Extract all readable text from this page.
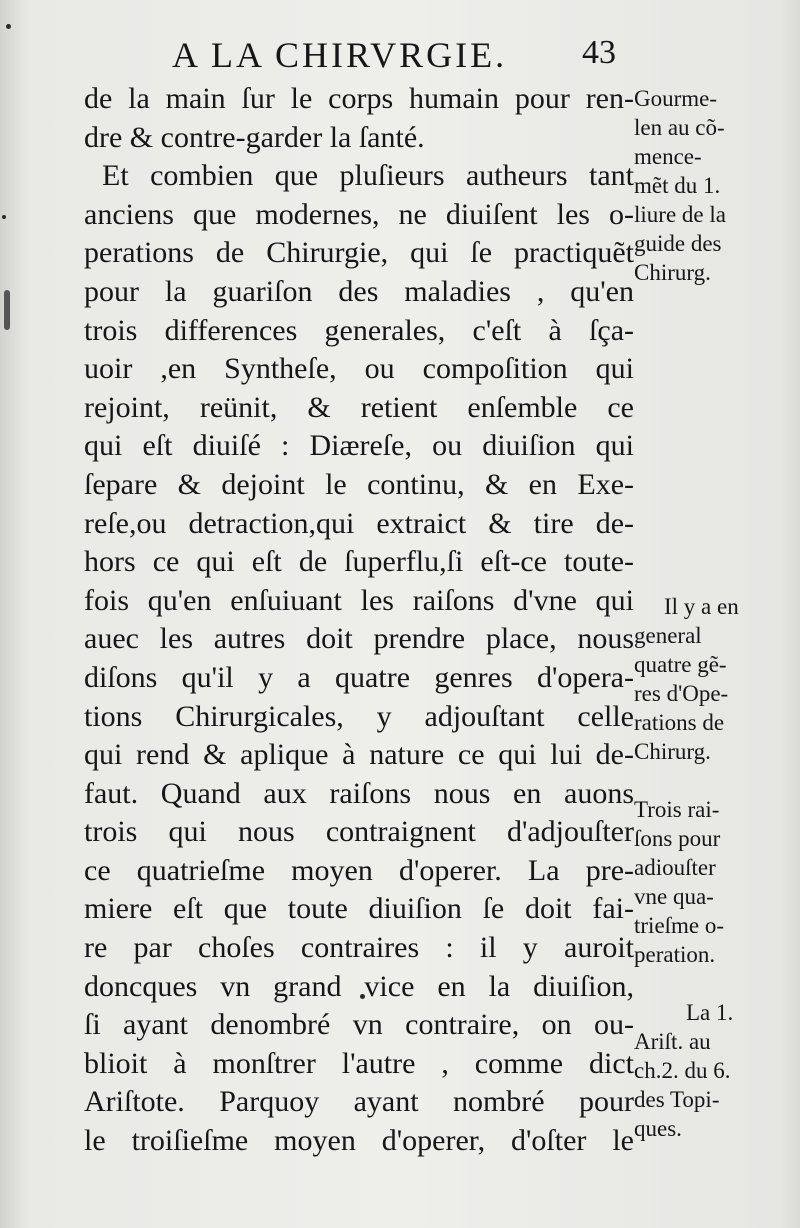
A LA CHIRVRGIE. 43
de la main ſur le corps humain pour ren-
dre & contre-garder la ſanté.
Et combien que pluſieurs autheurs tant
anciens que modernes, ne diuiſent les o-
perations de Chirurgie, qui ſe practiquẽt
pour la guariſon des maladies , qu'en
trois differences generales, c'eſt à ſça-
uoir ,en Syntheſe, ou compoſition qui
rejoint, reünit, & retient enſemble ce
qui eſt diuiſé : Diæreſe, ou diuiſion qui
ſepare & dejoint le continu, & en Exe-
reſe,ou detraction,qui extraict & tire de-
hors ce qui eſt de ſuperflu,ſi eſt-ce toute-
fois qu'en enſuiuant les raiſons d'vne qui
auec les autres doit prendre place, nous
diſons qu'il y a quatre genres d'opera-
tions Chirurgicales, y adjouſtant celle
qui rend & aplique à nature ce qui lui de-
faut. Quand aux raiſons nous en auons
trois qui nous contraignent d'adjouſter
ce quatrieſme moyen d'operer. La pre-
miere eſt que toute diuiſion ſe doit fai-
re par choſes contraires : il y auroit
doncques vn grand vice en la diuiſion,
ſi ayant denombré vn contraire, on ou-
blioit à monſtrer l'autre , comme dict
Ariſtote. Parquoy ayant nombré pour
le troiſieſme moyen d'operer, d'oſter le
Gourme-
len au cõ-
mence-
mẽt du 1.
liure de la
guide des
Chirurg.
Il y a en
general
quatre gẽ-
res d'Ope-
rations de
Chirurg.
Trois rai-
ſons pour
adiouſter
vne qua-
trieſme o-
peration.
La 1.
Ariſt. au
ch.2. du 6.
des Topi-
ques.
